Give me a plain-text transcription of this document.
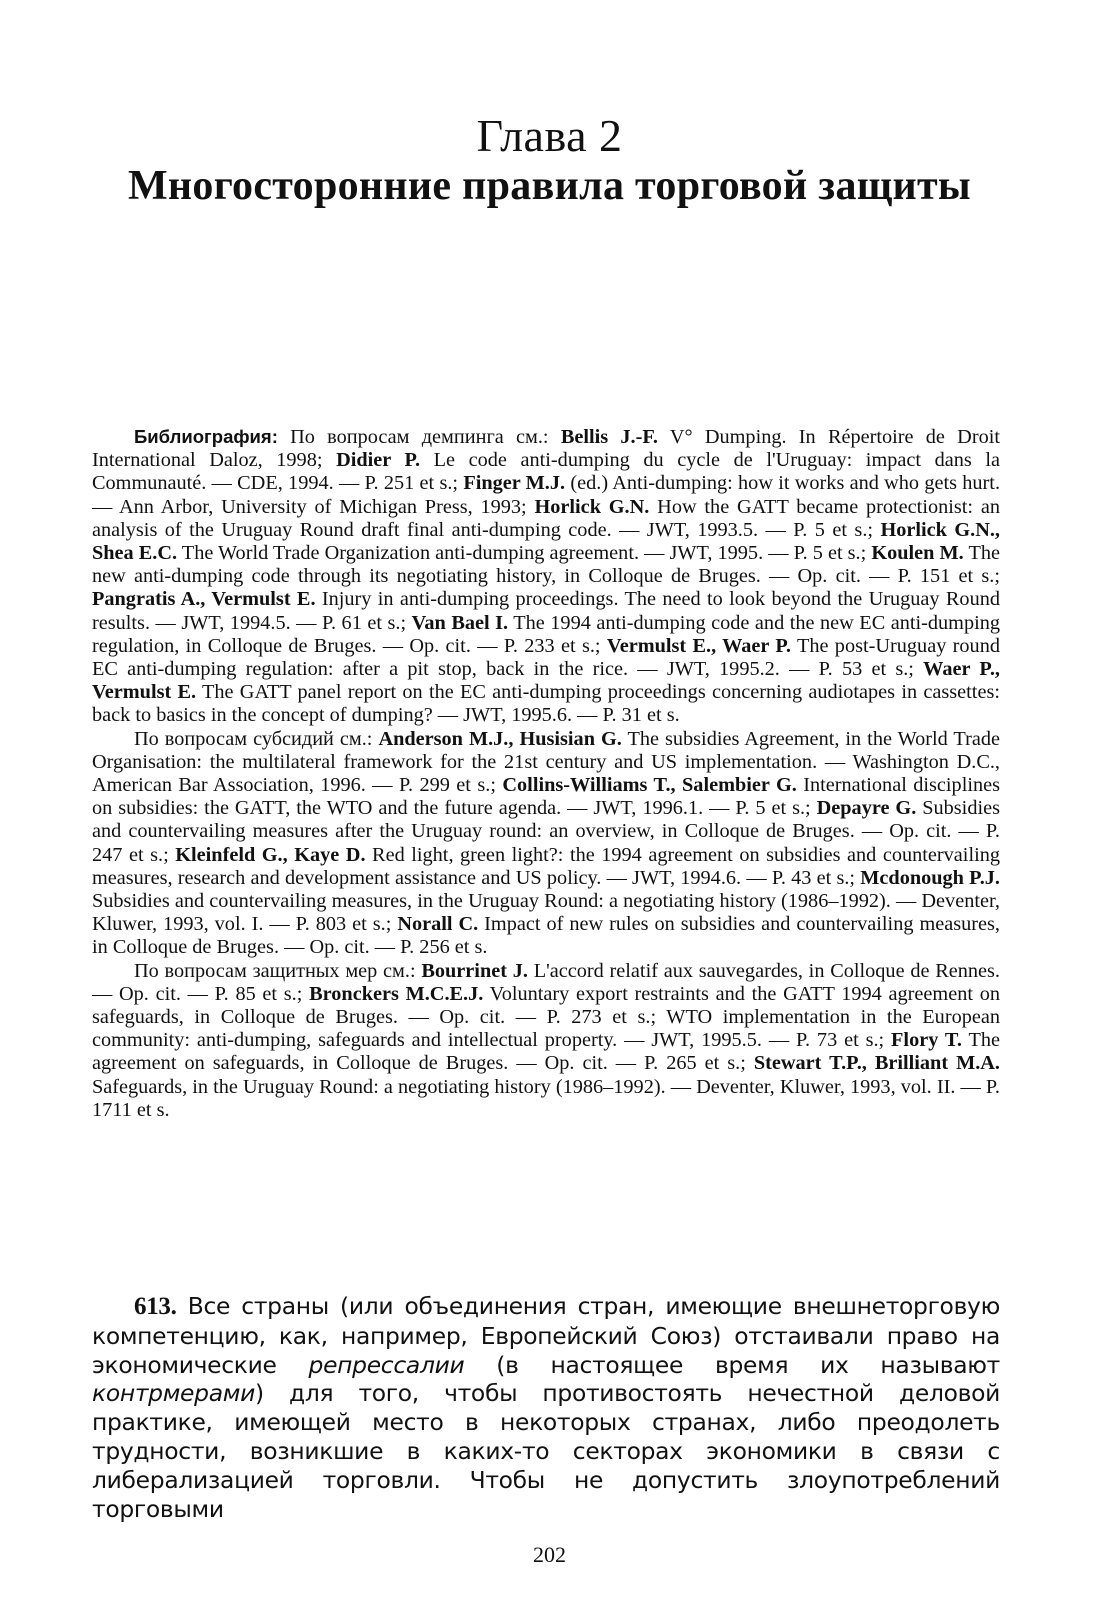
Глава 2
Многосторонние правила торговой защиты

Библиография: По вопросам демпинга см.: Bellis J.-F. V° Dumping. In Répertoire de Droit International Daloz, 1998; Didier P. Le code anti-dumping du cycle de l'Uruguay: impact dans la Communauté. — CDE, 1994. — P. 251 et s.; Finger M.J. (ed.) Anti-dumping: how it works and who gets hurt. — Ann Arbor, University of Michigan Press, 1993; Horlick G.N. How the GATT became protectionist: an analysis of the Uruguay Round draft final anti-dumping code. — JWT, 1993.5. — P. 5 et s.; Horlick G.N., Shea E.C. The World Trade Organization anti-dumping agreement. — JWT, 1995. — P. 5 et s.; Koulen M. The new anti-dumping code through its negotiating history, in Colloque de Bruges. — Op. cit. — P. 151 et s.; Pangratis A., Vermulst E. Injury in anti-dumping proceedings. The need to look beyond the Uruguay Round results. — JWT, 1994.5. — P. 61 et s.; Van Bael I. The 1994 anti-dumping code and the new EC anti-dumping regulation, in Colloque de Bruges. — Op. cit. — P. 233 et s.; Vermulst E., Waer P. The post-Uruguay round EC anti-dumping regulation: after a pit stop, back in the rice. — JWT, 1995.2. — P. 53 et s.; Waer P., Vermulst E. The GATT panel report on the EC anti-dumping proceedings concerning audiotapes in cassettes: back to basics in the concept of dumping? — JWT, 1995.6. — P. 31 et s.

По вопросам субсидий см.: Anderson M.J., Husisian G. The subsidies Agreement, in the World Trade Organisation: the multilateral framework for the 21st century and US implementation. — Washington D.C., American Bar Association, 1996. — P. 299 et s.; Collins-Williams T., Salembier G. International disciplines on subsidies: the GATT, the WTO and the future agenda. — JWT, 1996.1. — P. 5 et s.; Depayre G. Subsidies and countervailing measures after the Uruguay round: an overview, in Colloque de Bruges. — Op. cit. — P. 247 et s.; Kleinfeld G., Kaye D. Red light, green light?: the 1994 agreement on subsidies and countervailing measures, research and development assistance and US policy. — JWT, 1994.6. — P. 43 et s.; Mcdonough P.J. Subsidies and countervailing measures, in the Uruguay Round: a negotiating history (1986–1992). — Deventer, Kluwer, 1993, vol. I. — P. 803 et s.; Norall C. Impact of new rules on subsidies and countervailing measures, in Colloque de Bruges. — Op. cit. — P. 256 et s.

По вопросам защитных мер см.: Bourrinet J. L'accord relatif aux sauvegardes, in Colloque de Rennes. — Op. cit. — P. 85 et s.; Bronckers M.C.E.J. Voluntary export restraints and the GATT 1994 agreement on safeguards, in Colloque de Bruges. — Op. cit. — P. 273 et s.; WTO implementation in the European community: anti-dumping, safeguards and intellectual property. — JWT, 1995.5. — P. 73 et s.; Flory T. The agreement on safeguards, in Colloque de Bruges. — Op. cit. — P. 265 et s.; Stewart T.P., Brilliant M.A. Safeguards, in the Uruguay Round: a negotiating history (1986–1992). — Deventer, Kluwer, 1993, vol. II. — P. 1711 et s.

613. Все страны (или объединения стран, имеющие внешнеторговую компетенцию, как, например, Европейский Союз) отстаивали право на экономические репрессалии (в настоящее время их называют контрмерами) для того, чтобы противостоять нечестной деловой практике, имеющей место в некоторых странах, либо преодолеть трудности, возникшие в каких-то секторах экономики в связи с либерализацией торговли. Чтобы не допустить злоупотреблений торговыми

202
